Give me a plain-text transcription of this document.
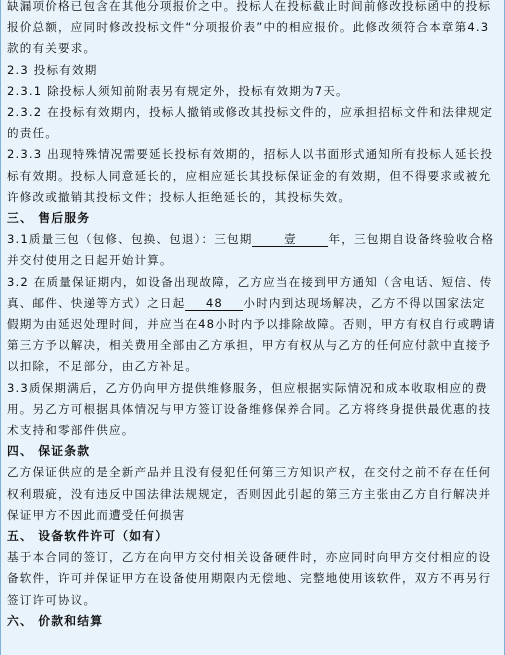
缺漏项价格已包含在其他分项报价之中。投标人在投标截止时间前修改投标函中的投标报价总额，应同时修改投标文件“分项报价表”中的相应报价。此修改须符合本章第4.3款的有关要求。

2.3 投标有效期

2.3.1 除投标人须知前附表另有规定外，投标有效期为7天。

2.3.2 在投标有效期内，投标人撤销或修改其投标文件的，应承担招标文件和法律规定的责任。

2.3.3 出现特殊情况需要延长投标有效期的，招标人以书面形式通知所有投标人延长投标有效期。投标人同意延长的，应相应延长其投标保证金的有效期，但不得要求或被允许修改或撤销其投标文件；投标人拒绝延长的，其投标失效。

三、 售后服务

3.1质量三包（包修、包换、包退）：三包期	壹	年，三包期自设备终验收合格并交付使用之日起开始计算。

3.2 在质量保证期内，如设备出现故障，乙方应当在接到甲方通知（含电话、短信、传真、邮件、快递等方式）之日起 48 小时内到达现场解决，乙方不得以国家法定假期为由延迟处理时间，并应当在48小时内予以排除故障。否则，甲方有权自行或聘请第三方予以解决，相关费用全部由乙方承担，甲方有权从与乙方的任何应付款中直接予以扣除，不足部分，由乙方补足。

3.3质保期满后，乙方仍向甲方提供维修服务，但应根据实际情况和成本收取相应的费用。另乙方可根据具体情况与甲方签订设备维修保养合同。乙方将终身提供最优惠的技术支持和零部件供应。

四、 保证条款

乙方保证供应的是全新产品并且没有侵犯任何第三方知识产权，在交付之前不存在任何权利瑕疵，没有违反中国法律法规规定，否则因此引起的第三方主张由乙方自行解决并保证甲方不因此而遭受任何损害

五、 设备软件许可（如有）

基于本合同的签订，乙方在向甲方交付相关设备硬件时，亦应同时向甲方交付相应的设备软件，许可并保证甲方在设备使用期限内无偿地、完整地使用该软件，双方不再另行签订许可协议。

六、 价款和结算
